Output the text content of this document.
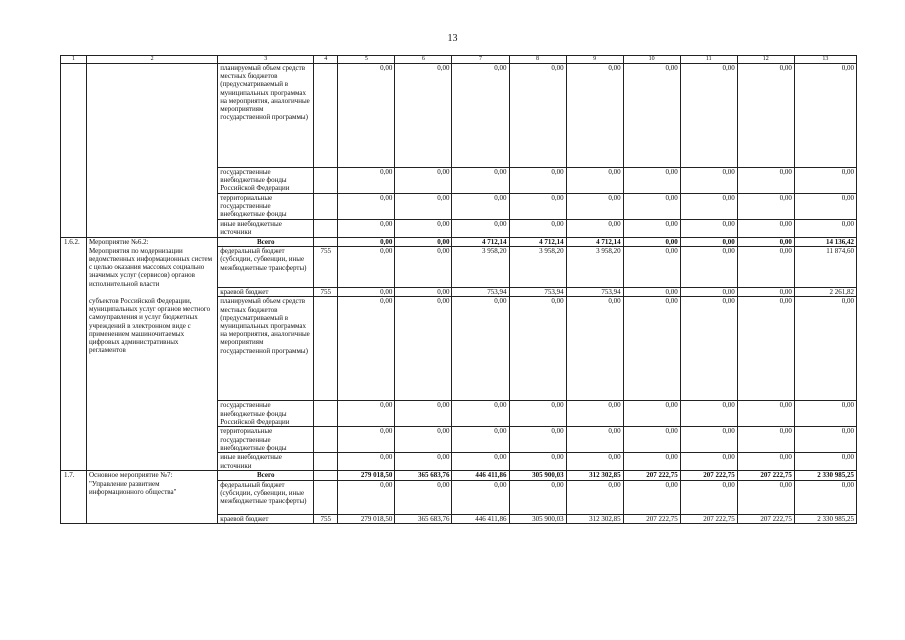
13
1	2	3	4	5	6	7	8	9	10	11	12	13
		планируемый объем средств местных бюджетов (предусматриваемый в муниципальных программах на мероприятия, аналогичные мероприятиям государственной программы)		0,00	0,00	0,00	0,00	0,00	0,00	0,00	0,00	0,00
		государственные внебюджетные фонды Российской Федерации		0,00	0,00	0,00	0,00	0,00	0,00	0,00	0,00	0,00
		территориальные государственные внебюджетные фонды		0,00	0,00	0,00	0,00	0,00	0,00	0,00	0,00	0,00
		иные внебюджетные источники		0,00	0,00	0,00	0,00	0,00	0,00	0,00	0,00	0,00
1.6.2.	Мероприятие №6.2:	Всего		0,00	0,00	4 712,14	4 712,14	4 712,14	0,00	0,00	0,00	14 136,42
	Мероприятия по модернизации ведомственных информационных систем с целью оказания массовых социально значимых услуг (сервисов) органов исполнительной власти	федеральный бюджет (субсидии, субвенции, иные межбюджетные трансферты)	755	0,00	0,00	3 958,20	3 958,20	3 958,20	0,00	0,00	0,00	11 874,60
		краевой бюджет	755	0,00	0,00	753,94	753,94	753,94	0,00	0,00	0,00	2 261,82
	субъектов Российской Федерации, муниципальных услуг органов местного самоуправления и услуг бюджетных учреждений в электронном виде с применением машиночитаемых цифровых административных регламентов	планируемый объем средств местных бюджетов (предусматриваемый в муниципальных программах на мероприятия, аналогичные мероприятиям государственной программы)		0,00	0,00	0,00	0,00	0,00	0,00	0,00	0,00	0,00
		государственные внебюджетные фонды Российской Федерации		0,00	0,00	0,00	0,00	0,00	0,00	0,00	0,00	0,00
		территориальные государственные внебюджетные фонды		0,00	0,00	0,00	0,00	0,00	0,00	0,00	0,00	0,00
		иные внебюджетные источники		0,00	0,00	0,00	0,00	0,00	0,00	0,00	0,00	0,00
1.7.	Основное мероприятие №7:	Всего		279 018,50	365 683,76	446 411,86	305 900,03	312 302,85	207 222,75	207 222,75	207 222,75	2 330 985,25
	"Управление развитием информационного общества"	федеральный бюджет (субсидии, субвенции, иные межбюджетные трансферты)		0,00	0,00	0,00	0,00	0,00	0,00	0,00	0,00	0,00
		краевой бюджет	755	279 018,50	365 683,76	446 411,86	305 900,03	312 302,85	207 222,75	207 222,75	207 222,75	2 330 985,25
